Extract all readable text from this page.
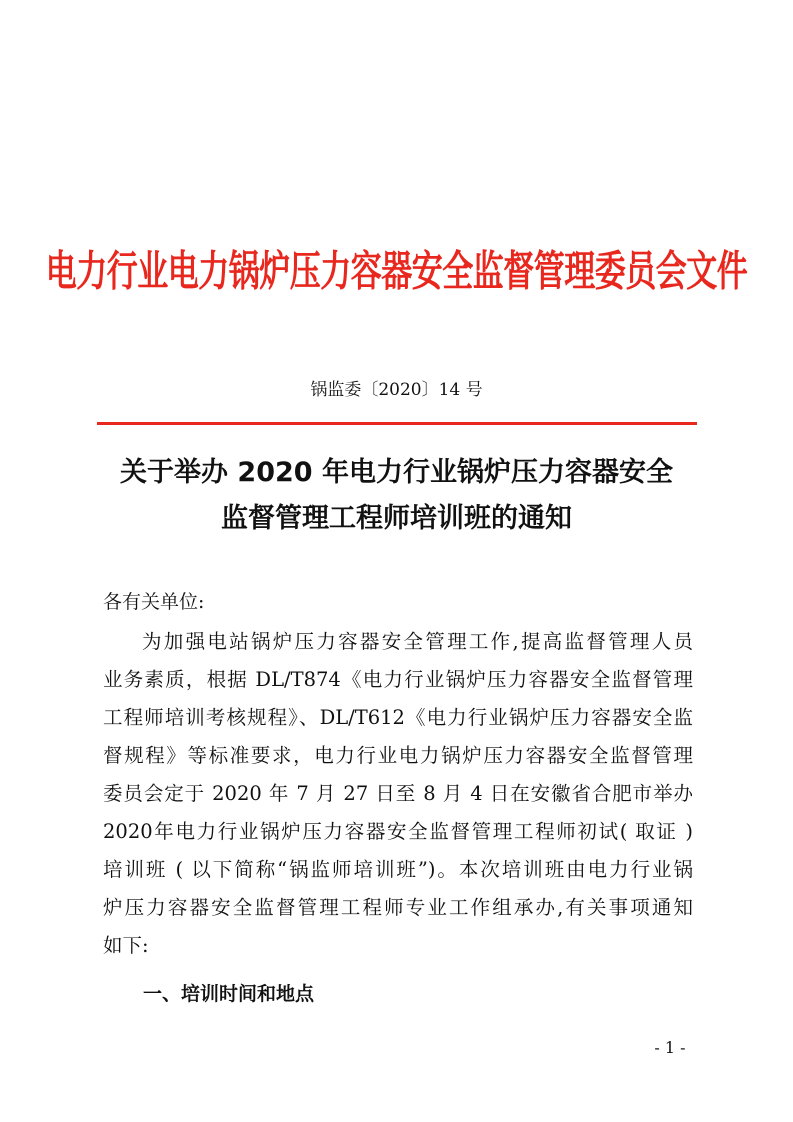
电力行业电力锅炉压力容器安全监督管理委员会文件
锅监委〔2020〕14 号
关于举办 2020 年电力行业锅炉压力容器安全
监督管理工程师培训班的通知
各有关单位:
为加强电站锅炉压力容器安全管理工作,提高监督管理人员
业务素质，根据 DL/T874《电力行业锅炉压力容器安全监督管理
工程师培训考核规程》、DL/T612《电力行业锅炉压力容器安全监
督规程》等标准要求，电力行业电力锅炉压力容器安全监督管理
委员会定于 2020 年 7 月 27 日至 8 月 4 日在安徽省合肥市举办
2020年电力行业锅炉压力容器安全监督管理工程师初试( 取证 )
培训班 ( 以下简称“锅监师培训班”)。本次培训班由电力行业锅
炉压力容器安全监督管理工程师专业工作组承办,有关事项通知
如下:
一、培训时间和地点
- 1 -
